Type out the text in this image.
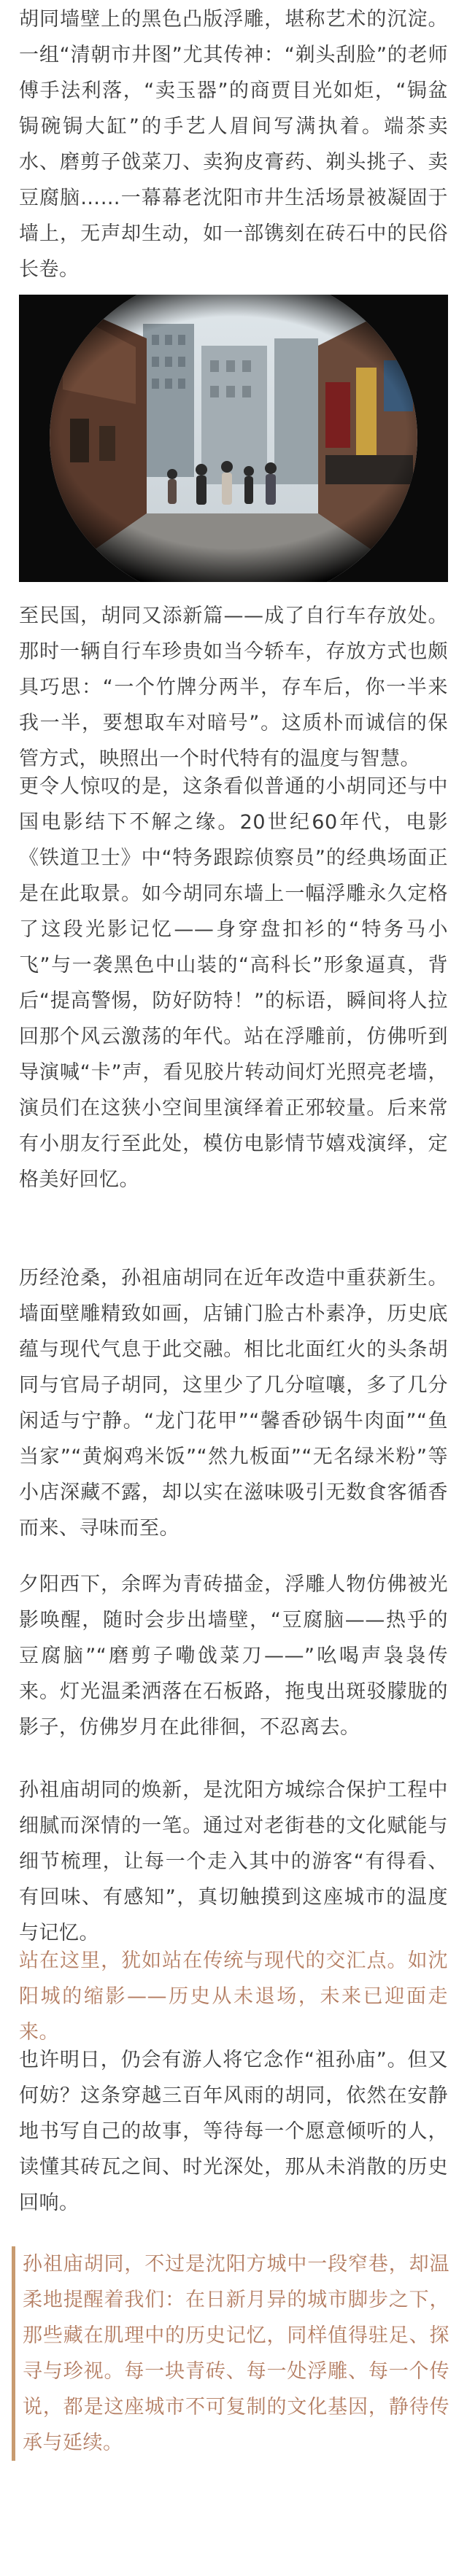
胡同墙壁上的黑色凸版浮雕，堪称艺术的沉淀。一组“清朝市井图”尤其传神：“剃头刮脸”的老师傅手法利落，“卖玉器”的商贾目光如炬，“锔盆锔碗锔大缸”的手艺人眉间写满执着。端茶卖水、磨剪子戗菜刀、卖狗皮膏药、剃头挑子、卖豆腐脑……一幕幕老沈阳市井生活场景被凝固于墙上，无声却生动，如一部镌刻在砖石中的民俗长卷。

至民国，胡同又添新篇——成了自行车存放处。那时一辆自行车珍贵如当今轿车，存放方式也颇具巧思：“一个竹牌分两半，存车后，你一半来我一半，要想取车对暗号”。这质朴而诚信的保管方式，映照出一个时代特有的温度与智慧。

更令人惊叹的是，这条看似普通的小胡同还与中国电影结下不解之缘。20世纪60年代，电影《铁道卫士》中“特务跟踪侦察员”的经典场面正是在此取景。如今胡同东墙上一幅浮雕永久定格了这段光影记忆——身穿盘扣衫的“特务马小飞”与一袭黑色中山装的“高科长”形象逼真，背后“提高警惕，防好防特！”的标语，瞬间将人拉回那个风云激荡的年代。站在浮雕前，仿佛听到导演喊“卡”声，看见胶片转动间灯光照亮老墙，演员们在这狭小空间里演绎着正邪较量。后来常有小朋友行至此处，模仿电影情节嬉戏演绎，定格美好回忆。

历经沧桑，孙祖庙胡同在近年改造中重获新生。墙面壁雕精致如画，店铺门脸古朴素净，历史底蕴与现代气息于此交融。相比北面红火的头条胡同与官局子胡同，这里少了几分喧嚷，多了几分闲适与宁静。“龙门花甲”“馨香砂锅牛肉面”“鱼当家”“黄焖鸡米饭”“然九板面”“无名绿米粉”等小店深藏不露，却以实在滋味吸引无数食客循香而来、寻味而至。

夕阳西下，余晖为青砖描金，浮雕人物仿佛被光影唤醒，随时会步出墙壁，“豆腐脑——热乎的豆腐脑”“磨剪子嘞戗菜刀——”吆喝声袅袅传来。灯光温柔洒落在石板路，拖曳出斑驳朦胧的影子，仿佛岁月在此徘徊，不忍离去。

孙祖庙胡同的焕新，是沈阳方城综合保护工程中细腻而深情的一笔。通过对老街巷的文化赋能与细节梳理，让每一个走入其中的游客“有得看、有回味、有感知”，真切触摸到这座城市的温度与记忆。

站在这里，犹如站在传统与现代的交汇点。如沈阳城的缩影——历史从未退场，未来已迎面走来。

也许明日，仍会有游人将它念作“祖孙庙”。但又何妨？这条穿越三百年风雨的胡同，依然在安静地书写自己的故事，等待每一个愿意倾听的人，读懂其砖瓦之间、时光深处，那从未消散的历史回响。

孙祖庙胡同，不过是沈阳方城中一段窄巷，却温柔地提醒着我们：在日新月异的城市脚步之下，那些藏在肌理中的历史记忆，同样值得驻足、探寻与珍视。每一块青砖、每一处浮雕、每一个传说，都是这座城市不可复制的文化基因，静待传承与延续。
